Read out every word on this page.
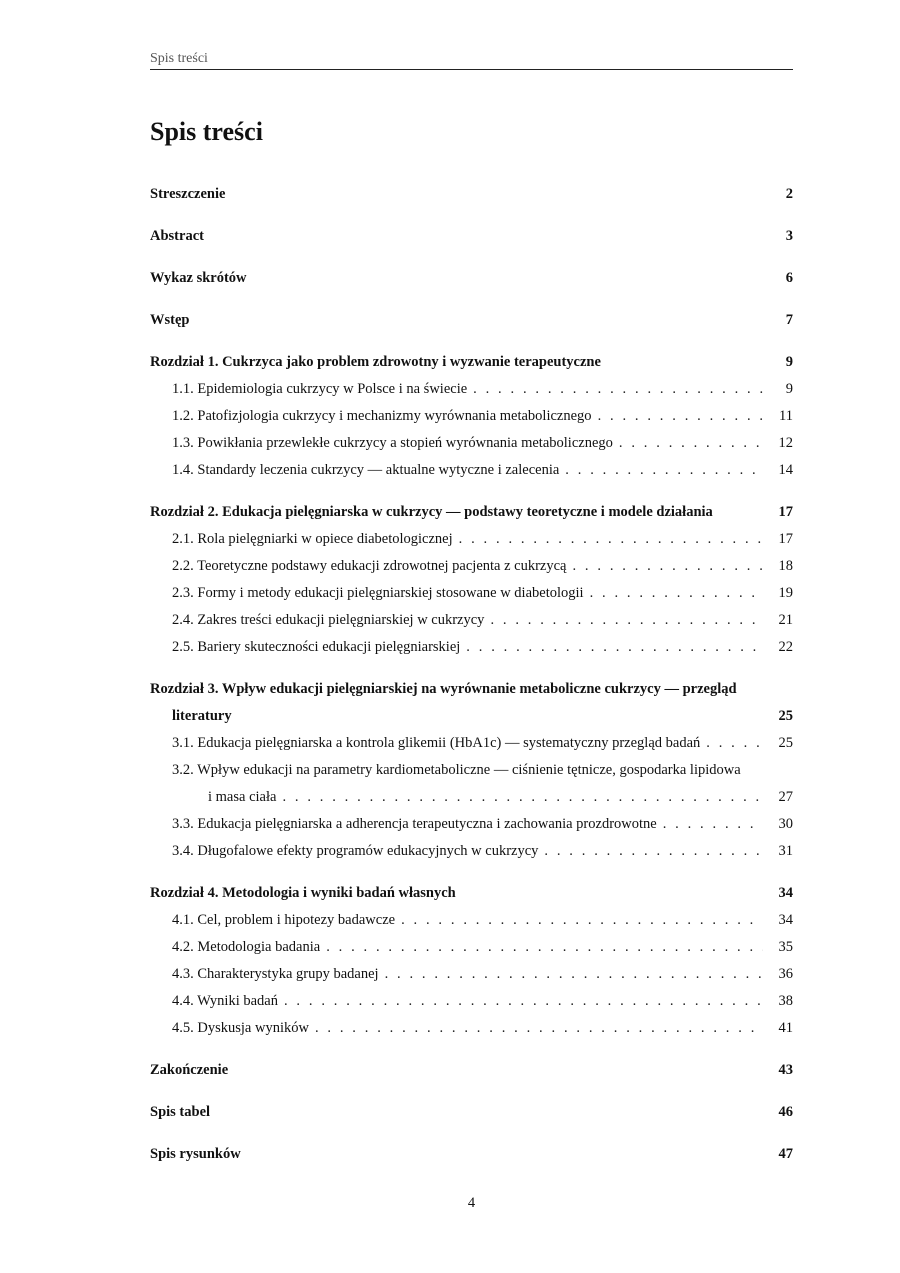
Spis treści
Spis treści
Streszczenie	2
Abstract	3
Wykaz skrótów	6
Wstęp	7
Rozdział 1. Cukrzyca jako problem zdrowotny i wyzwanie terapeutyczne	9
1.1. Epidemiologia cukrzycy w Polsce i na świecie . . .	9
1.2. Patofizjologia cukrzycy i mechanizmy wyrównania metabolicznego . . .	11
1.3. Powikłania przewlekłe cukrzycy a stopień wyrównania metabolicznego . . .	12
1.4. Standardy leczenia cukrzycy — aktualne wytyczne i zalecenia . . .	14
Rozdział 2. Edukacja pielęgniarska w cukrzycy — podstawy teoretyczne i modele działania	17
2.1. Rola pielęgniarki w opiece diabetologicznej . . .	17
2.2. Teoretyczne podstawy edukacji zdrowotnej pacjenta z cukrzycą . . .	18
2.3. Formy i metody edukacji pielęgniarskiej stosowane w diabetologii . . .	19
2.4. Zakres treści edukacji pielęgniarskiej w cukrzycy . . .	21
2.5. Bariery skuteczności edukacji pielęgniarskiej . . .	22
Rozdział 3. Wpływ edukacji pielęgniarskiej na wyrównanie metaboliczne cukrzycy — przegląd
literatury	25
3.1. Edukacja pielęgniarska a kontrola glikemii (HbA1c) — systematyczny przegląd badań . . .	25
3.2. Wpływ edukacji na parametry kardiometaboliczne — ciśnienie tętnicze, gospodarka lipidowa
i masa ciała . . .	27
3.3. Edukacja pielęgniarska a adherencja terapeutyczna i zachowania prozdrowotne . . .	30
3.4. Długofalowe efekty programów edukacyjnych w cukrzycy . . .	31
Rozdział 4. Metodologia i wyniki badań własnych	34
4.1. Cel, problem i hipotezy badawcze . . .	34
4.2. Metodologia badania . . .	35
4.3. Charakterystyka grupy badanej . . .	36
4.4. Wyniki badań . . .	38
4.5. Dyskusja wyników . . .	41
Zakończenie	43
Spis tabel	46
Spis rysunków	47
4
